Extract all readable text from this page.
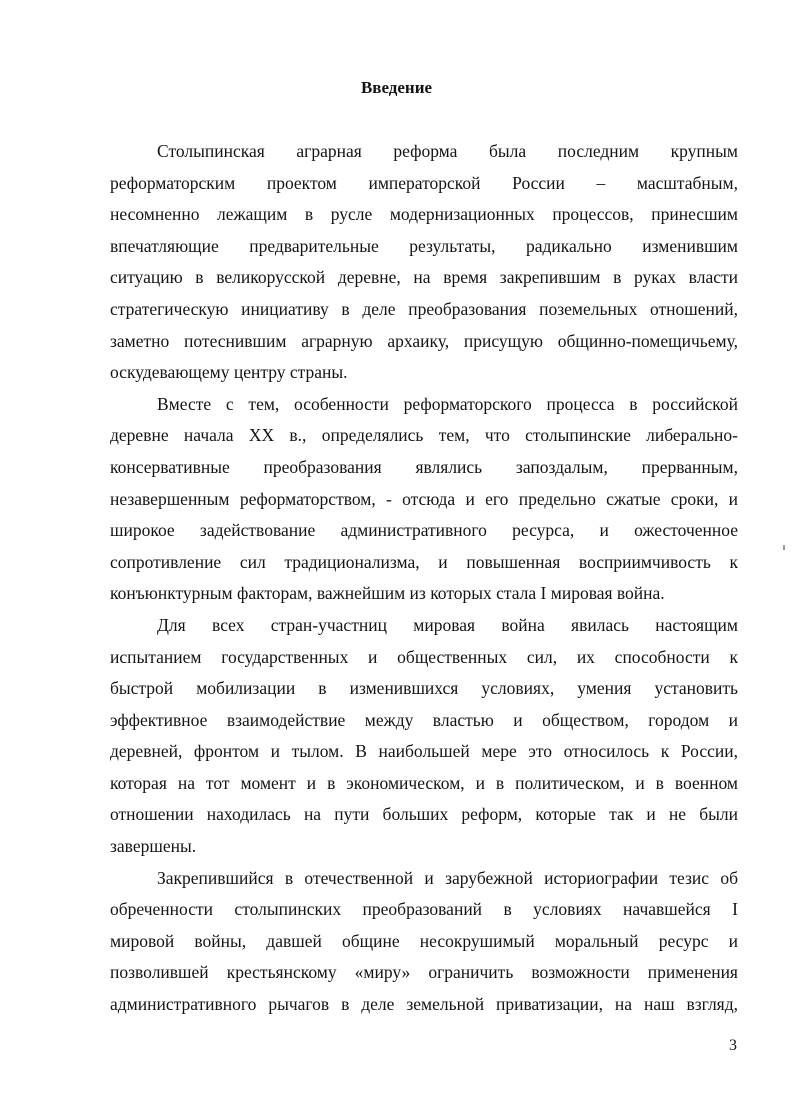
Введение

Столыпинская аграрная реформа была последним крупным
реформаторским проектом императорской России – масштабным,
несомненно лежащим в русле модернизационных процессов, принесшим
впечатляющие предварительные результаты, радикально изменившим
ситуацию в великорусской деревне, на время закрепившим в руках власти
стратегическую инициативу в деле преобразования поземельных отношений,
заметно потеснившим аграрную архаику, присущую общинно-помещичьему,
оскудевающему центру страны.

Вместе с тем, особенности реформаторского процесса в российской
деревне начала XX в., определялись тем, что столыпинские либерально-
консервативные преобразования являлись запоздалым, прерванным,
незавершенным реформаторством, - отсюда и его предельно сжатые сроки, и
широкое задействование административного ресурса, и ожесточенное
сопротивление сил традиционализма, и повышенная восприимчивость к
конъюнктурным факторам, важнейшим из которых стала I мировая война.

Для всех стран-участниц мировая война явилась настоящим
испытанием государственных и общественных сил, их способности к
быстрой мобилизации в изменившихся условиях, умения установить
эффективное взаимодействие между властью и обществом, городом и
деревней, фронтом и тылом. В наибольшей мере это относилось к России,
которая на тот момент и в экономическом, и в политическом, и в военном
отношении находилась на пути больших реформ, которые так и не были
завершены.

Закрепившийся в отечественной и зарубежной историографии тезис об
обреченности столыпинских преобразований в условиях начавшейся I
мировой войны, давшей общине несокрушимый моральный ресурс и
позволившей крестьянскому «миру» ограничить возможности применения
административного рычагов в деле земельной приватизации, на наш взгляд,

3
